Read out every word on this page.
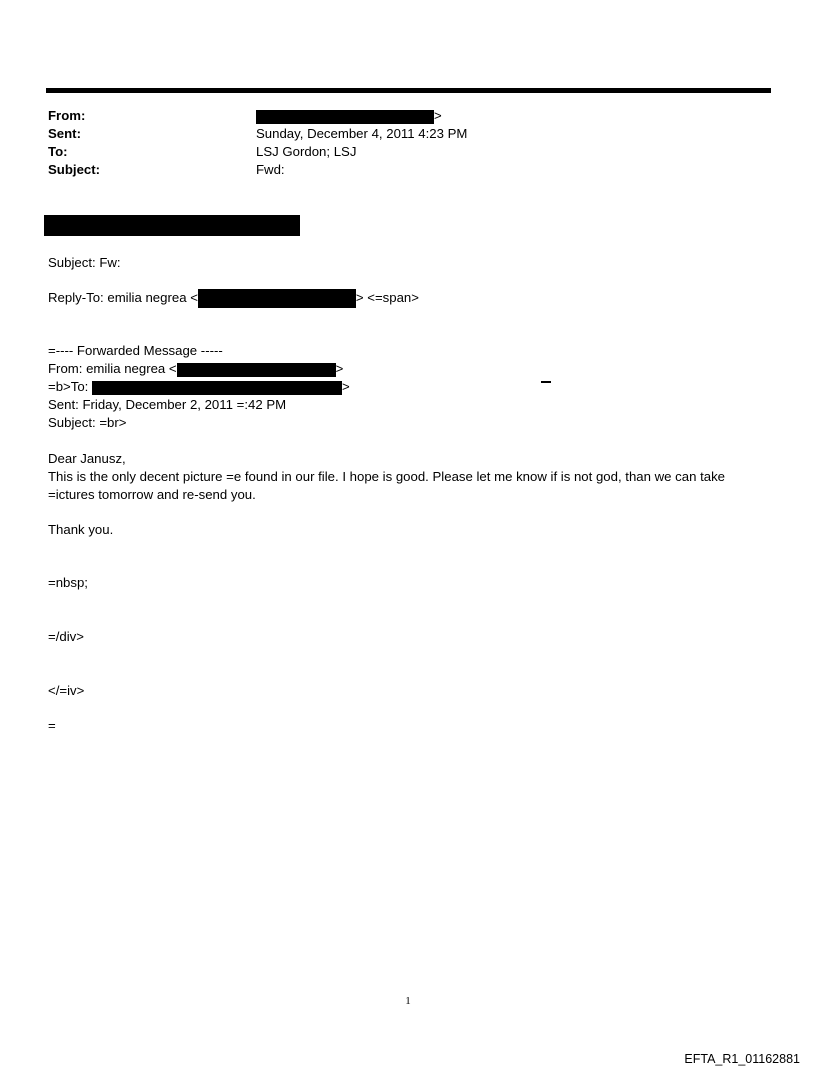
From:	>
Sent:	Sunday, December 4, 2011 4:23 PM
To:	LSJ Gordon; LSJ
Subject:	Fwd:
Subject: Fw:
Reply-To: emilia negrea <	> <=span>
=---- Forwarded Message -----
From: emilia negrea <	>
=b>To:	>
Sent: Friday, December 2, 2011 =:42 PM
Subject: =br>
Dear Janusz,
This is the only decent picture =e found in our file. I hope is good. Please let me know if is not god, than we can take
=ictures tomorrow and re-send you.
Thank you.
=nbsp;
=/div>
</=iv>
=
1
EFTA_R1_01162881
